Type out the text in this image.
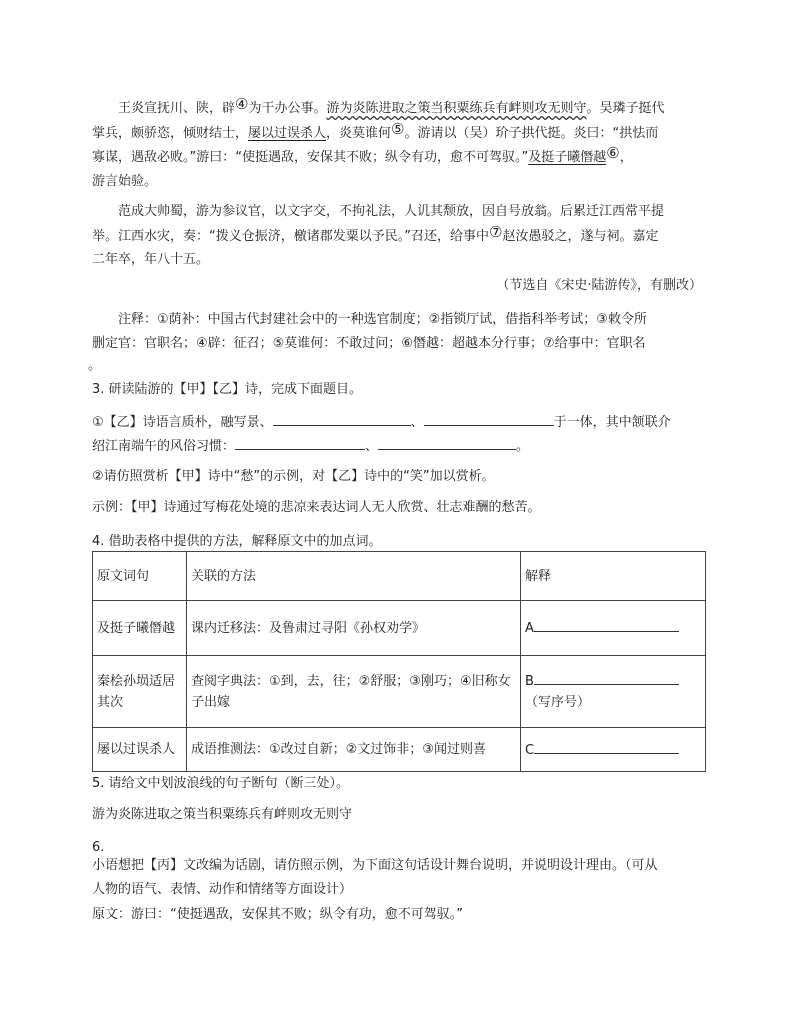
王炎宣抚川、陕，辟④为干办公事。游为炎陈进取之策当积粟练兵有衅则攻无则守。吴璘子挺代
掌兵，颇骄恣，倾财结士，屡以过误杀人，炎莫谁何⑤。游请以（吴）玠子拱代挺。炎曰：“拱怯而
寡谋，遇敌必败。”游曰：“使挺遇敌，安保其不败；纵令有功，愈不可驾驭。”及挺子曦僭越⑥，
游言始验。

范成大帅蜀，游为参议官，以文字交，不拘礼法，人讥其颓放，因自号放翁。后累迁江西常平提
举。江西水灾，奏：“拨义仓振济，檄诸郡发粟以予民。”召还，给事中⑦赵汝愚驳之，遂与祠。嘉定
二年卒，年八十五。

（节选自《宋史·陆游传》，有删改）

注释：①荫补：中国古代封建社会中的一种选官制度；②指锁厅试，借指科举考试；③敕令所
删定官：官职名；④辟：征召；⑤莫谁何：不敢过问；⑥僭越：超越本分行事；⑦给事中：官职名

。

3. 研读陆游的【甲】【乙】诗，完成下面题目。

①【乙】诗语言质朴，融写景、	、	于一体，其中颔联介
绍江南端午的风俗习惯：	、	。

②请仿照赏析【甲】诗中“愁”的示例，对【乙】诗中的“笑”加以赏析。

示例：【甲】诗通过写梅花处境的悲凉来表达词人无人欣赏、壮志难酬的愁苦。

4. 借助表格中提供的方法，解释原文中的加点词。

原文词句	关联的方法	解释
及挺子曦僭越	课内迁移法：及鲁肃过寻阳《孙权劝学》	A
秦桧孙埙适居其次	查阅字典法：①到，去，往；②舒服；③刚巧；④旧称女子出嫁	B（写序号）
屡以过误杀人	成语推测法：①改过自新；②文过饰非；③闻过则喜	C

5. 请给文中划波浪线的句子断句（断三处）。

游为炎陈进取之策当积粟练兵有衅则攻无则守

6.

小语想把【丙】文改编为话剧，请仿照示例，为下面这句话设计舞台说明，并说明设计理由。（可从
人物的语气、表情、动作和情绪等方面设计）

原文：游曰：“使挺遇敌，安保其不败；纵令有功，愈不可驾驭。”
